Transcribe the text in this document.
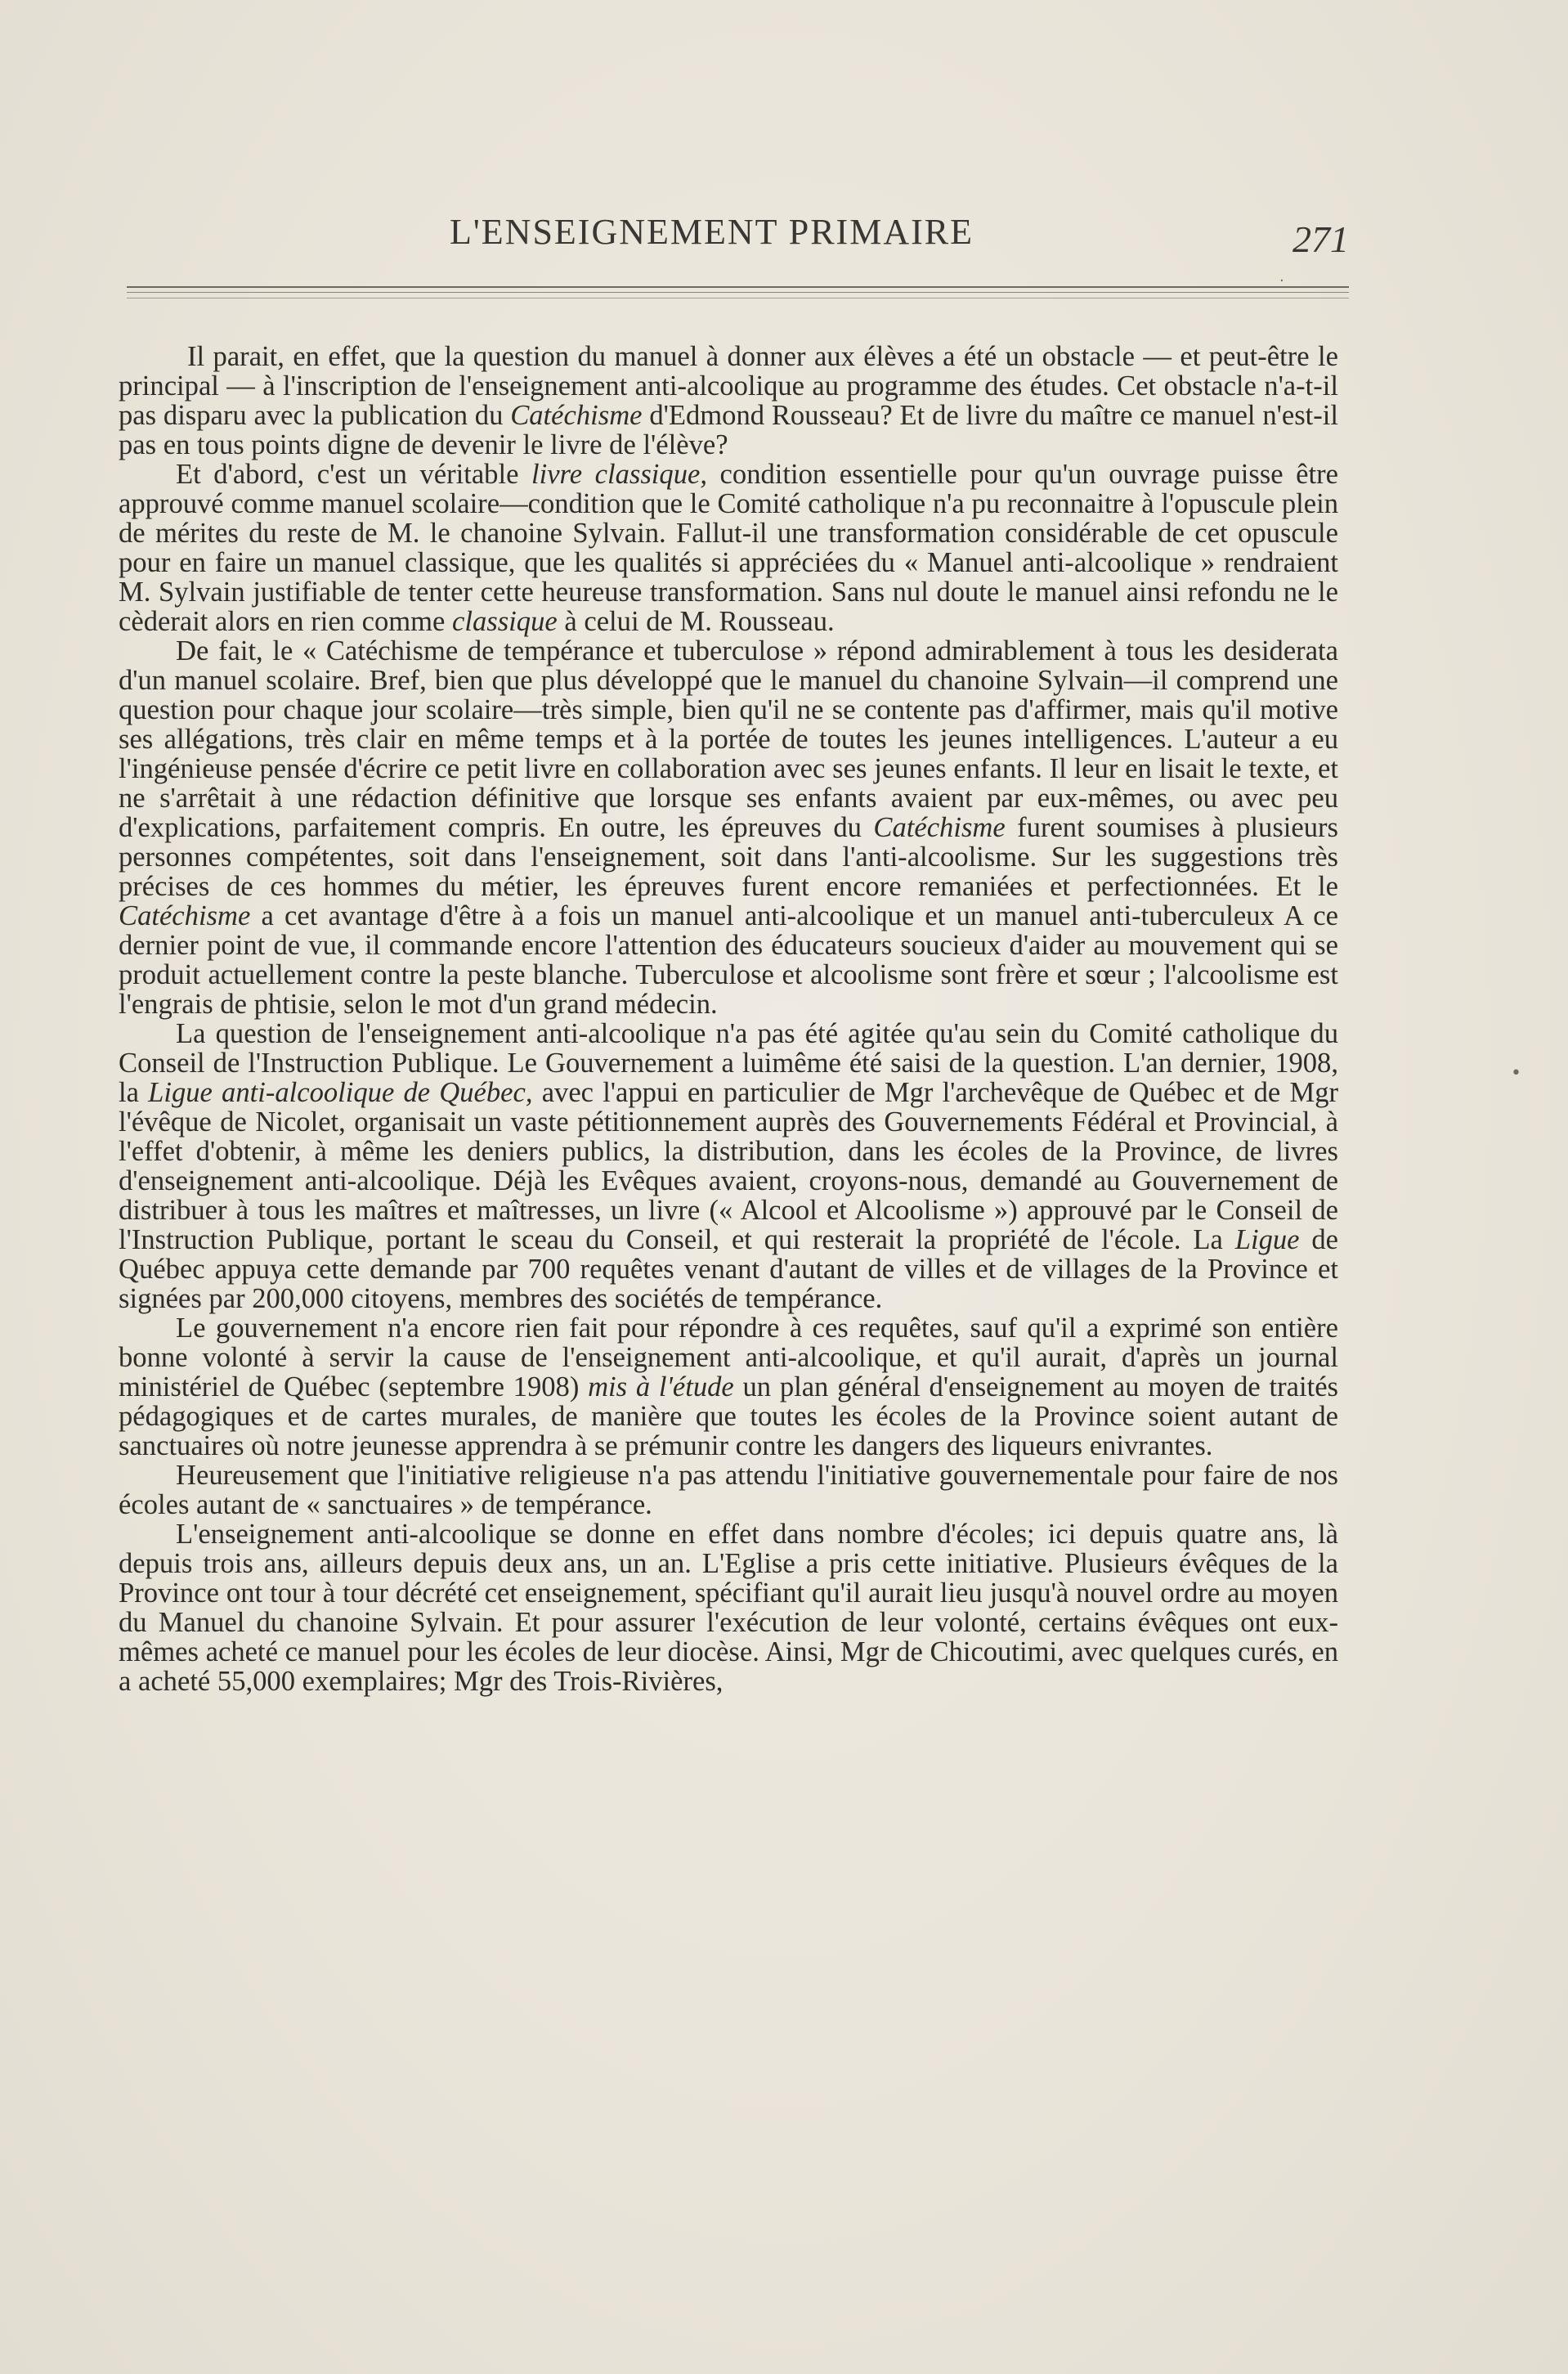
L'ENSEIGNEMENT PRIMAIRE	271

Il parait, en effet, que la question du manuel à donner aux élèves a été un obstacle — et peut-être le principal — à l'inscription de l'enseignement anti-alcoolique au programme des études. Cet obstacle n'a-t-il pas disparu avec la publication du Catéchisme d'Edmond Rousseau? Et de livre du maître ce manuel n'est-il pas en tous points digne de devenir le livre de l'élève?

Et d'abord, c'est un véritable livre classique, condition essentielle pour qu'un ouvrage puisse être approuvé comme manuel scolaire—condition que le Comité catholique n'a pu reconnaitre à l'opuscule plein de mérites du reste de M. le chanoine Sylvain. Fallut-il une transformation considérable de cet opuscule pour en faire un manuel classique, que les qualités si appréciées du « Manuel anti-alcoolique » rendraient M. Sylvain justifiable de tenter cette heureuse transformation. Sans nul doute le manuel ainsi refondu ne le cèderait alors en rien comme classique à celui de M. Rousseau.

De fait, le « Catéchisme de tempérance et tuberculose » répond admirablement à tous les desiderata d'un manuel scolaire. Bref, bien que plus développé que le manuel du chanoine Sylvain—il comprend une question pour chaque jour scolaire—très simple, bien qu'il ne se contente pas d'affirmer, mais qu'il motive ses allégations, très clair en même temps et à la portée de toutes les jeunes intelligences. L'auteur a eu l'ingénieuse pensée d'écrire ce petit livre en collaboration avec ses jeunes enfants. Il leur en lisait le texte, et ne s'arrêtait à une rédaction définitive que lorsque ses enfants avaient par eux-mêmes, ou avec peu d'explications, parfaitement compris. En outre, les épreuves du Catéchisme furent soumises à plusieurs personnes compétentes, soit dans l'enseignement, soit dans l'anti-alcoolisme. Sur les suggestions très précises de ces hommes du métier, les épreuves furent encore remaniées et perfectionnées. Et le Catéchisme a cet avantage d'être à a fois un manuel anti-alcoolique et un manuel anti-tuberculeux A ce dernier point de vue, il commande encore l'attention des éducateurs soucieux d'aider au mouvement qui se produit actuellement contre la peste blanche. Tuberculose et alcoolisme sont frère et sœur ; l'alcoolisme est l'engrais de phtisie, selon le mot d'un grand médecin.

La question de l'enseignement anti-alcoolique n'a pas été agitée qu'au sein du Comité catholique du Conseil de l'Instruction Publique. Le Gouvernement a luimême été saisi de la question. L'an dernier, 1908, la Ligue anti-alcoolique de Québec, avec l'appui en particulier de Mgr l'archevêque de Québec et de Mgr l'évêque de Nicolet, organisait un vaste pétitionnement auprès des Gouvernements Fédéral et Provincial, à l'effet d'obtenir, à même les deniers publics, la distribution, dans les écoles de la Province, de livres d'enseignement anti-alcoolique. Déjà les Evêques avaient, croyons-nous, demandé au Gouvernement de distribuer à tous les maîtres et maîtresses, un livre (« Alcool et Alcoolisme ») approuvé par le Conseil de l'Instruction Publique, portant le sceau du Conseil, et qui resterait la propriété de l'école. La Ligue de Québec appuya cette demande par 700 requêtes venant d'autant de villes et de villages de la Province et signées par 200,000 citoyens, membres des sociétés de tempérance.

Le gouvernement n'a encore rien fait pour répondre à ces requêtes, sauf qu'il a exprimé son entière bonne volonté à servir la cause de l'enseignement anti-alcoolique, et qu'il aurait, d'après un journal ministériel de Québec (septembre 1908) mis à l'étude un plan général d'enseignement au moyen de traités pédagogiques et de cartes murales, de manière que toutes les écoles de la Province soient autant de sanctuaires où notre jeunesse apprendra à se prémunir contre les dangers des liqueurs enivrantes.

Heureusement que l'initiative religieuse n'a pas attendu l'initiative gouvernementale pour faire de nos écoles autant de « sanctuaires » de tempérance.

L'enseignement anti-alcoolique se donne en effet dans nombre d'écoles; ici depuis quatre ans, là depuis trois ans, ailleurs depuis deux ans, un an. L'Eglise a pris cette initiative. Plusieurs évêques de la Province ont tour à tour décrété cet enseignement, spécifiant qu'il aurait lieu jusqu'à nouvel ordre au moyen du Manuel du chanoine Sylvain. Et pour assurer l'exécution de leur volonté, certains évêques ont eux-mêmes acheté ce manuel pour les écoles de leur diocèse. Ainsi, Mgr de Chicoutimi, avec quelques curés, en a acheté 55,000 exemplaires; Mgr des Trois-Rivières,

·
•
